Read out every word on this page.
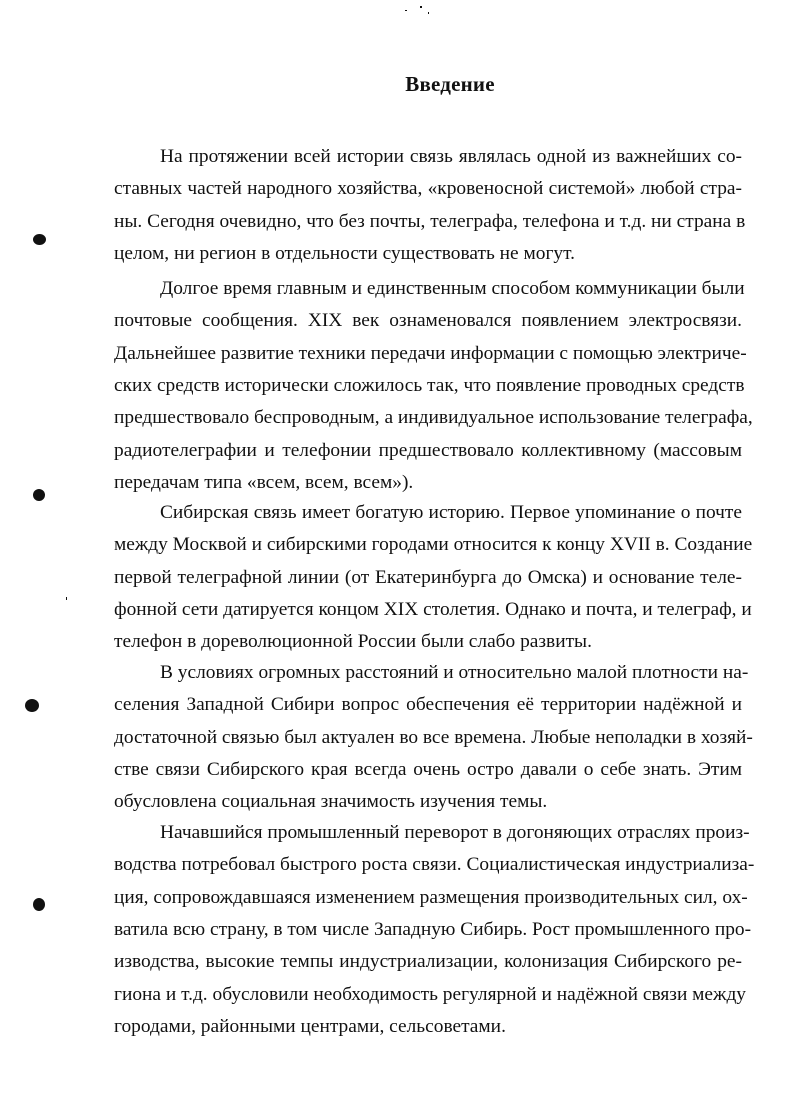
Введение
На протяжении всей истории связь являлась одной из важнейших со-
ставных частей народного хозяйства, «кровеносной системой» любой стра-
ны. Сегодня очевидно, что без почты, телеграфа, телефона и т.д. ни страна в
целом, ни регион в отдельности существовать не могут.
Долгое время главным и единственным способом коммуникации были
почтовые сообщения. XIX век ознаменовался появлением электросвязи.
Дальнейшее развитие техники передачи информации с помощью электриче-
ских средств исторически сложилось так, что появление проводных средств
предшествовало беспроводным, а индивидуальное использование телеграфа,
радиотелеграфии и телефонии предшествовало коллективному (массовым
передачам типа «всем, всем, всем»).
Сибирская связь имеет богатую историю. Первое упоминание о почте
между Москвой и сибирскими городами относится к концу XVII в. Создание
первой телеграфной линии (от Екатеринбурга до Омска) и основание теле-
фонной сети датируется концом XIX столетия. Однако и почта, и телеграф, и
телефон в дореволюционной России были слабо развиты.
В условиях огромных расстояний и относительно малой плотности на-
селения Западной Сибири вопрос обеспечения её территории надёжной и
достаточной связью был актуален во все времена. Любые неполадки в хозяй-
стве связи Сибирского края всегда очень остро давали о себе знать. Этим
обусловлена социальная значимость изучения темы.
Начавшийся промышленный переворот в догоняющих отраслях произ-
водства потребовал быстрого роста связи. Социалистическая индустриализа-
ция, сопровождавшаяся изменением размещения производительных сил, ох-
ватила всю страну, в том числе Западную Сибирь. Рост промышленного про-
изводства, высокие темпы индустриализации, колонизация Сибирского ре-
гиона и т.д. обусловили необходимость регулярной и надёжной связи между
городами, районными центрами, сельсоветами.
